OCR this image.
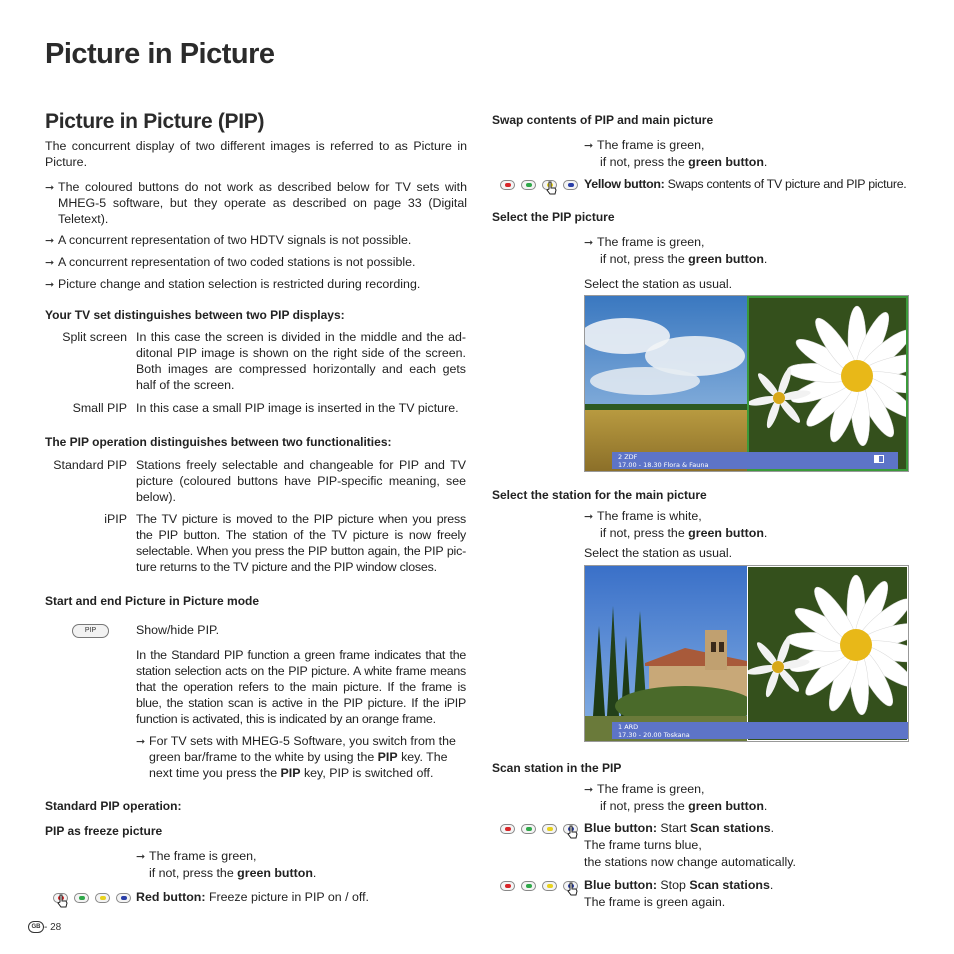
Picture in Picture
Picture in Picture (PIP)
The concurrent display of two different images is referred to as Picture in Picture.
➞
The coloured buttons do not work as described below for TV sets with MHEG-5 software, but they operate as described on page 33 (Digital Teletext).
➞
A concurrent representation of two HDTV signals is not possible.
➞
A concurrent representation of two coded stations is not possible.
➞
Picture change and station selection is restricted during recording.
Your TV set distinguishes between two PIP displays:
Split screen In this case the screen is divided in the middle and the ad-ditonal PIP image is shown on the right side of the screen. Both images are compressed horizontally and each gets half of the screen.
Small PIP In this case a small PIP image is inserted in the TV picture.
The PIP operation distinguishes between two functionalities:
Standard PIP Stations freely selectable and changeable for PIP and TV picture (coloured buttons have PIP-specific meaning, see below).
iPIP The TV picture is moved to the PIP picture when you press the PIP button. The station of the TV picture is now freely selectable. When you press the PIP button again, the PIP pic-ture returns to the TV picture and the PIP window closes.
Start and end Picture in Picture mode
PIP	Show/hide PIP.
In the Standard PIP function a green frame indicates that the station selection acts on the PIP picture. A white frame means that the operation refers to the main picture. If the frame is blue, the station scan is active in the PIP picture. If the iPIP function is activated, this is indicated by an orange frame.
➞
For TV sets with MHEG-5 Software, you switch from the green bar/frame to the white by using the PIP key. The next time you press the PIP key, PIP is switched off.
Standard PIP operation:
PIP as freeze picture
➞ The frame is green,
if not, press the green button.
Red button: Freeze picture in PIP on / off.
Swap contents of PIP and main picture
➞ The frame is green,
if not, press the green button.
Yellow button: Swaps contents of TV picture and PIP picture.
Select the PIP picture
➞ The frame is green,
if not, press the green button.
Select the station as usual.
2 ZDF
17.00 - 18.30 Flora & Fauna
Select the station for the main picture
➞ The frame is white,
if not, press the green button.
Select the station as usual.
1 ARD
17.30 - 20.00 Toskana
Scan station in the PIP
➞ The frame is green,
if not, press the green button.
Blue button: Start Scan stations.
The frame turns blue,
the stations now change automatically.
Blue button: Stop Scan stations.
The frame is green again.
GB - 28
